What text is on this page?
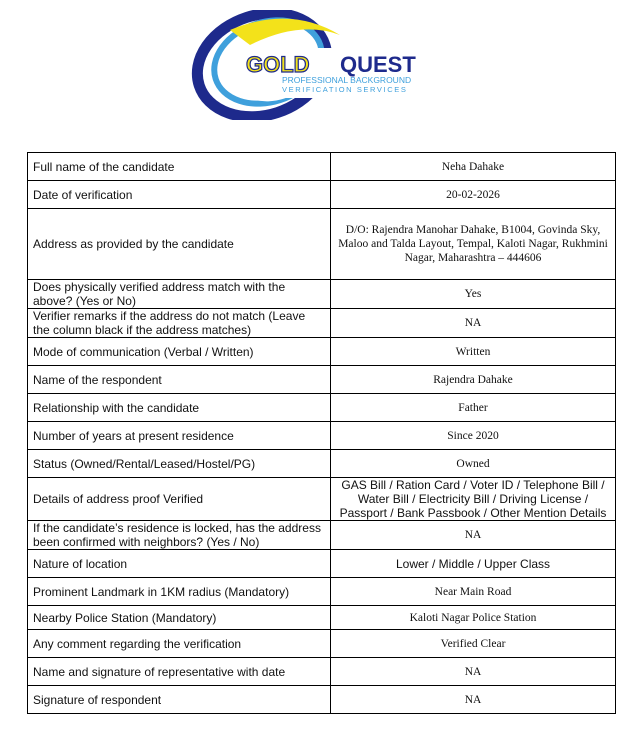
GOLD QUEST
PROFESSIONAL BACKGROUND
VERIFICATION SERVICES
Full name of the candidate	Neha Dahake
Date of verification	20-02-2026
Address as provided by the candidate	D/O: Rajendra Manohar Dahake, B1004, Govinda Sky, Maloo and Talda Layout, Tempal, Kaloti Nagar, Rukhmini Nagar, Maharashtra – 444606
Does physically verified address match with the above? (Yes or No)	Yes
Verifier remarks if the address do not match (Leave the column black if the address matches)	NA
Mode of communication (Verbal / Written)	Written
Name of the respondent	Rajendra Dahake
Relationship with the candidate	Father
Number of years at present residence	Since 2020
Status (Owned/Rental/Leased/Hostel/PG)	Owned
Details of address proof Verified	GAS Bill / Ration Card / Voter ID / Telephone Bill / Water Bill / Electricity Bill / Driving License / Passport / Bank Passbook / Other Mention Details
If the candidate’s residence is locked, has the address been confirmed with neighbors? (Yes / No)	NA
Nature of location	Lower / Middle / Upper Class
Prominent Landmark in 1KM radius (Mandatory)	Near Main Road
Nearby Police Station (Mandatory)	Kaloti Nagar Police Station
Any comment regarding the verification	Verified Clear
Name and signature of representative with date	NA
Signature of respondent	NA
